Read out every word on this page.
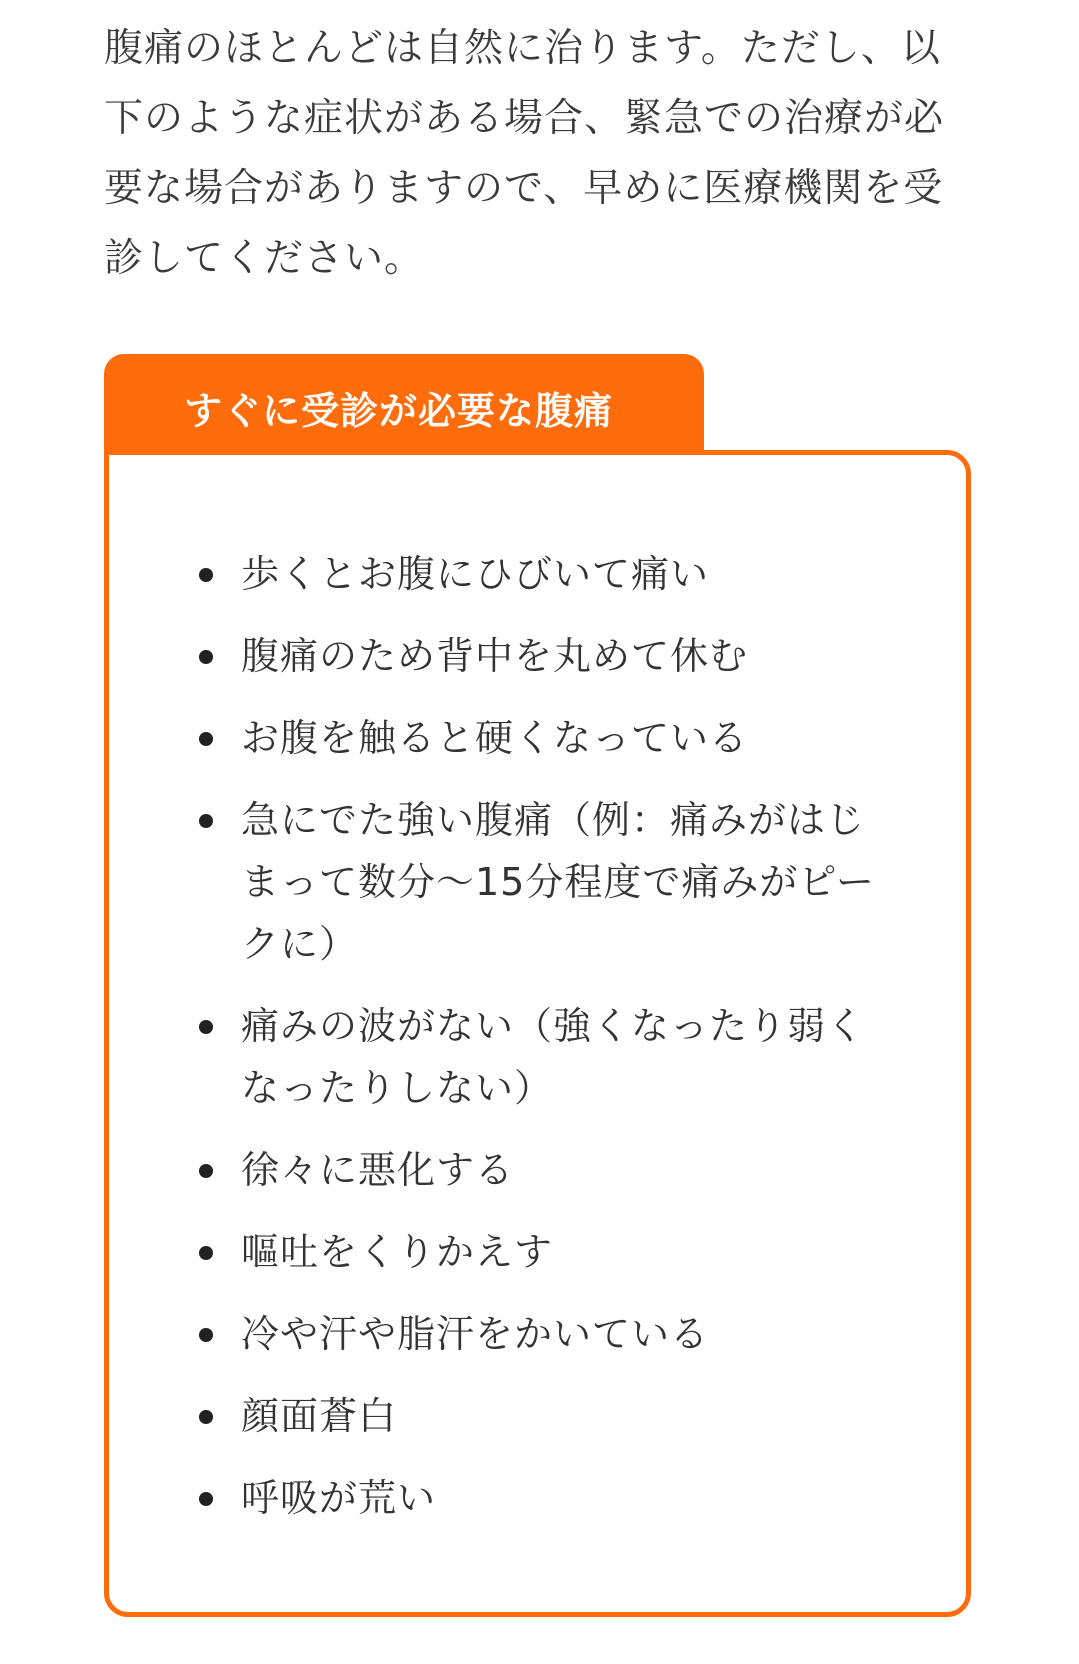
腹痛のほとんどは自然に治ります。ただし、以下のような症状がある場合、緊急での治療が必要な場合がありますので、早めに医療機関を受診してください。

すぐに受診が必要な腹痛
歩くとお腹にひびいて痛い
腹痛のため背中を丸めて休む
お腹を触ると硬くなっている
急にでた強い腹痛（例：痛みがはじまって数分〜15分程度で痛みがピークに）
痛みの波がない（強くなったり弱くなったりしない）
徐々に悪化する
嘔吐をくりかえす
冷や汗や脂汗をかいている
顔面蒼白
呼吸が荒い
